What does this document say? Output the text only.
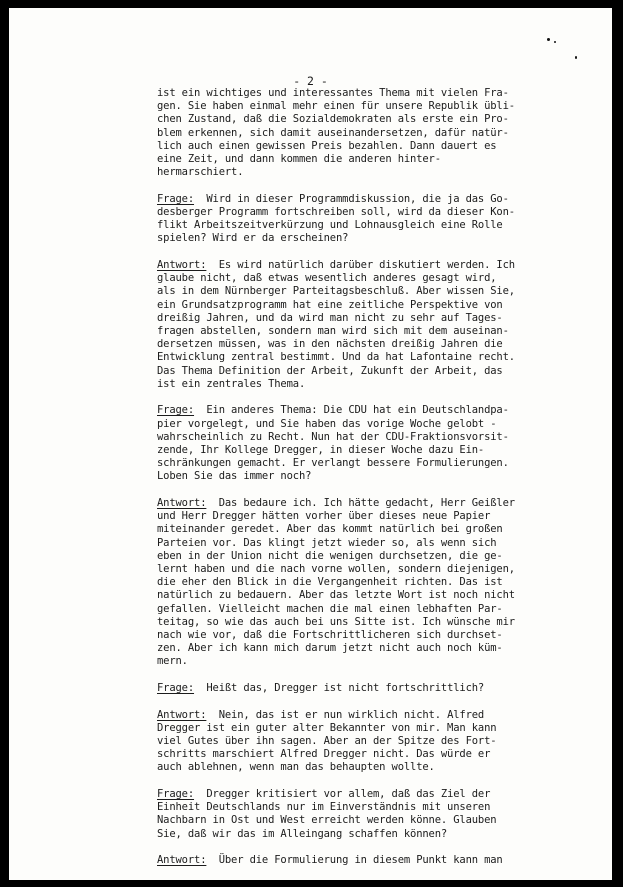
- 2 -
ist ein wichtiges und interessantes Thema mit vielen Fra-
gen. Sie haben einmal mehr einen für unsere Republik übli-
chen Zustand, daß die Sozialdemokraten als erste ein Pro-
blem erkennen, sich damit auseinandersetzen, dafür natür-
lich auch einen gewissen Preis bezahlen. Dann dauert es
eine Zeit, und dann kommen die anderen hinter-
hermarschiert.
Frage:  Wird in dieser Programmdiskussion, die ja das Go-
desberger Programm fortschreiben soll, wird da dieser Kon-
flikt Arbeitszeitverkürzung und Lohnausgleich eine Rolle
spielen? Wird er da erscheinen?
Antwort:  Es wird natürlich darüber diskutiert werden. Ich
glaube nicht, daß etwas wesentlich anderes gesagt wird,
als in dem Nürnberger Parteitagsbeschluß. Aber wissen Sie,
ein Grundsatzprogramm hat eine zeitliche Perspektive von
dreißig Jahren, und da wird man nicht zu sehr auf Tages-
fragen abstellen, sondern man wird sich mit dem auseinan-
dersetzen müssen, was in den nächsten dreißig Jahren die
Entwicklung zentral bestimmt. Und da hat Lafontaine recht.
Das Thema Definition der Arbeit, Zukunft der Arbeit, das
ist ein zentrales Thema.
Frage:  Ein anderes Thema: Die CDU hat ein Deutschlandpa-
pier vorgelegt, und Sie haben das vorige Woche gelobt -
wahrscheinlich zu Recht. Nun hat der CDU-Fraktionsvorsit-
zende, Ihr Kollege Dregger, in dieser Woche dazu Ein-
schränkungen gemacht. Er verlangt bessere Formulierungen.
Loben Sie das immer noch?
Antwort:  Das bedaure ich. Ich hätte gedacht, Herr Geißler
und Herr Dregger hätten vorher über dieses neue Papier
miteinander geredet. Aber das kommt natürlich bei großen
Parteien vor. Das klingt jetzt wieder so, als wenn sich
eben in der Union nicht die wenigen durchsetzen, die ge-
lernt haben und die nach vorne wollen, sondern diejenigen,
die eher den Blick in die Vergangenheit richten. Das ist
natürlich zu bedauern. Aber das letzte Wort ist noch nicht
gefallen. Vielleicht machen die mal einen lebhaften Par-
teitag, so wie das auch bei uns Sitte ist. Ich wünsche mir
nach wie vor, daß die Fortschrittlicheren sich durchset-
zen. Aber ich kann mich darum jetzt nicht auch noch küm-
mern.
Frage:  Heißt das, Dregger ist nicht fortschrittlich?
Antwort:  Nein, das ist er nun wirklich nicht. Alfred
Dregger ist ein guter alter Bekannter von mir. Man kann
viel Gutes über ihn sagen. Aber an der Spitze des Fort-
schritts marschiert Alfred Dregger nicht. Das würde er
auch ablehnen, wenn man das behaupten wollte.
Frage:  Dregger kritisiert vor allem, daß das Ziel der
Einheit Deutschlands nur im Einverständnis mit unseren
Nachbarn in Ost und West erreicht werden könne. Glauben
Sie, daß wir das im Alleingang schaffen können?
Antwort:  Über die Formulierung in diesem Punkt kann man
